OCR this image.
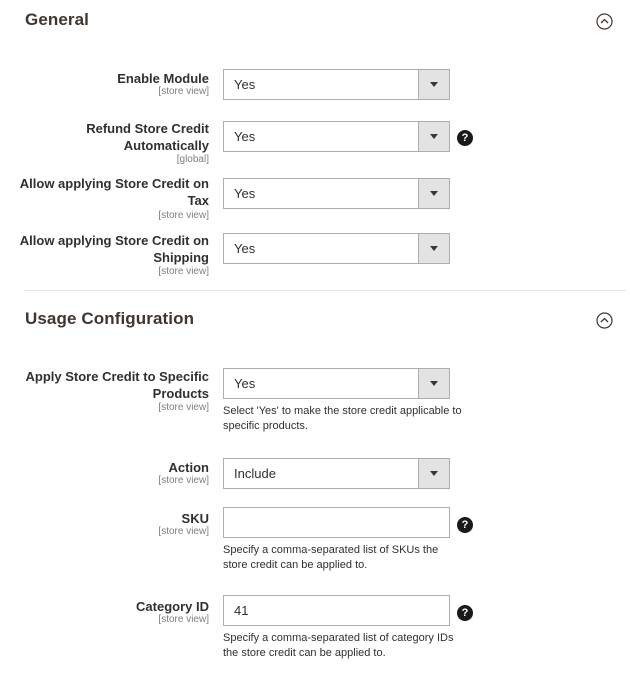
General
Enable Module
[store view] Yes
Refund Store Credit Automatically
[global]
Yes	?
Allow applying Store Credit on Tax
[store view]
Yes
Allow applying Store Credit on Shipping
[store view]
Yes
Usage Configuration
Apply Store Credit to Specific Products
[store view]
Yes
Select 'Yes' to make the store credit applicable to specific products.
Action
[store view] Include
SKU
[store view]
?
Specify a comma-separated list of SKUs the store credit can be applied to.
Category ID
[store view]
41
?
Specify a comma-separated list of category IDs the store credit can be applied to.
